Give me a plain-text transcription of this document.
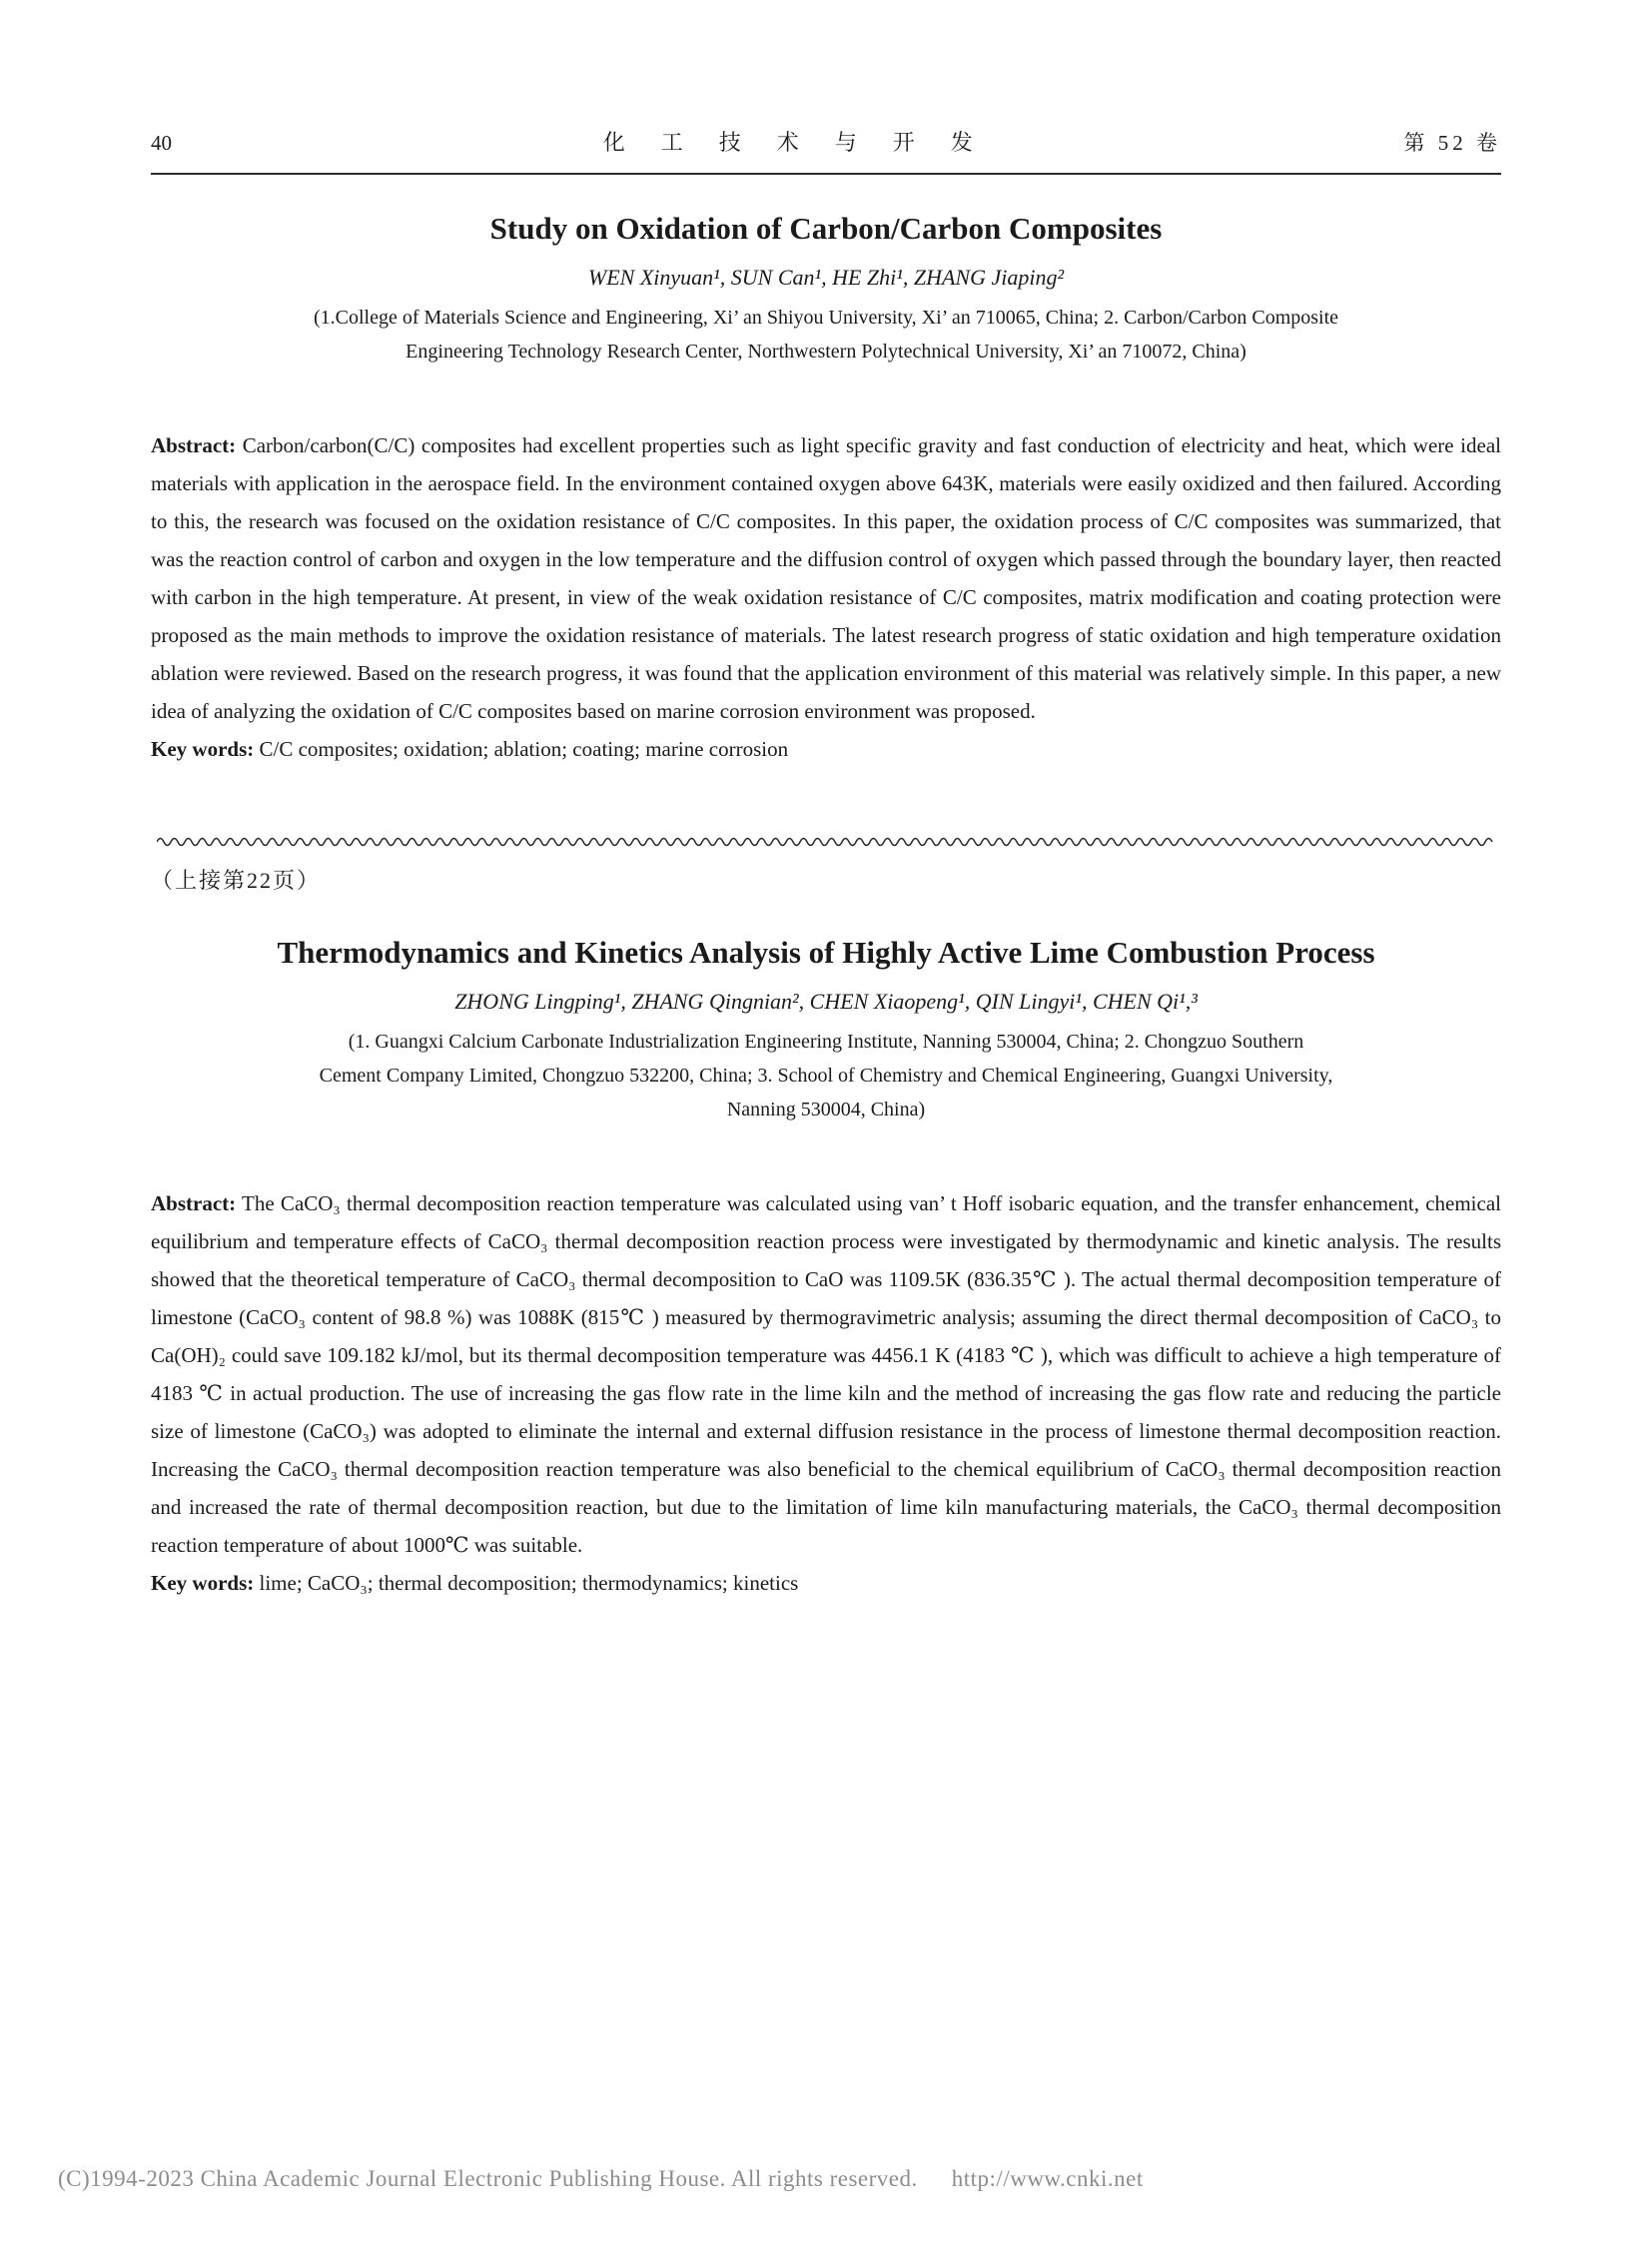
40	化工技术与开发	第 52 卷
Study on Oxidation of Carbon/Carbon Composites
WEN Xinyuan¹, SUN Can¹, HE Zhi¹, ZHANG Jiaping²
(1.College of Materials Science and Engineering, Xi’ an Shiyou University, Xi’ an 710065, China; 2. Carbon/Carbon Composite
Engineering Technology Research Center, Northwestern Polytechnical University, Xi’ an 710072, China)

Abstract: Carbon/carbon(C/C) composites had excellent properties such as light specific gravity and fast conduction of electricity and heat, which were ideal materials with application in the aerospace field. In the environment contained oxygen above 643K, materials were easily oxidized and then failured. According to this, the research was focused on the oxidation resistance of C/C composites. In this paper, the oxidation process of C/C composites was summarized, that was the reaction control of carbon and oxygen in the low temperature and the diffusion control of oxygen which passed through the boundary layer, then reacted with carbon in the high temperature. At present, in view of the weak oxidation resistance of C/C composites, matrix modification and coating protection were proposed as the main methods to improve the oxidation resistance of materials. The latest research progress of static oxidation and high temperature oxidation ablation were reviewed. Based on the research progress, it was found that the application environment of this material was relatively simple. In this paper, a new idea of analyzing the oxidation of C/C composites based on marine corrosion environment was proposed.

Key words: C/C composites; oxidation; ablation; coating; marine corrosion

（上接第22页）
Thermodynamics and Kinetics Analysis of Highly Active Lime Combustion Process
ZHONG Lingping¹, ZHANG Qingnian², CHEN Xiaopeng¹, QIN Lingyi¹, CHEN Qi¹,³
(1. Guangxi Calcium Carbonate Industrialization Engineering Institute, Nanning 530004, China; 2. Chongzuo Southern
Cement Company Limited, Chongzuo 532200, China; 3. School of Chemistry and Chemical Engineering, Guangxi University,
Nanning 530004, China)

Abstract: The CaCO₃ thermal decomposition reaction temperature was calculated using van’ t Hoff isobaric equation, and the transfer enhancement, chemical equilibrium and temperature effects of CaCO₃ thermal decomposition reaction process were investigated by thermodynamic and kinetic analysis. The results showed that the theoretical temperature of CaCO₃ thermal decomposition to CaO was 1109.5K (836.35℃ ). The actual thermal decomposition temperature of limestone (CaCO₃ content of 98.8 %) was 1088K (815℃ ) measured by thermogravimetric analysis; assuming the direct thermal decomposition of CaCO₃ to Ca(OH)₂ could save 109.182 kJ/mol, but its thermal decomposition temperature was 4456.1 K (4183 ℃ ), which was difficult to achieve a high temperature of 4183 ℃ in actual production. The use of increasing the gas flow rate in the lime kiln and the method of increasing the gas flow rate and reducing the particle size of limestone (CaCO₃) was adopted to eliminate the internal and external diffusion resistance in the process of limestone thermal decomposition reaction. Increasing the CaCO₃ thermal decomposition reaction temperature was also beneficial to the chemical equilibrium of CaCO₃ thermal decomposition reaction and increased the rate of thermal decomposition reaction, but due to the limitation of lime kiln manufacturing materials, the CaCO₃ thermal decomposition reaction temperature of about 1000℃ was suitable.

Key words: lime; CaCO₃; thermal decomposition; thermodynamics; kinetics

(C)1994-2023 China Academic Journal Electronic Publishing House. All rights reserved. http://www.cnki.net
